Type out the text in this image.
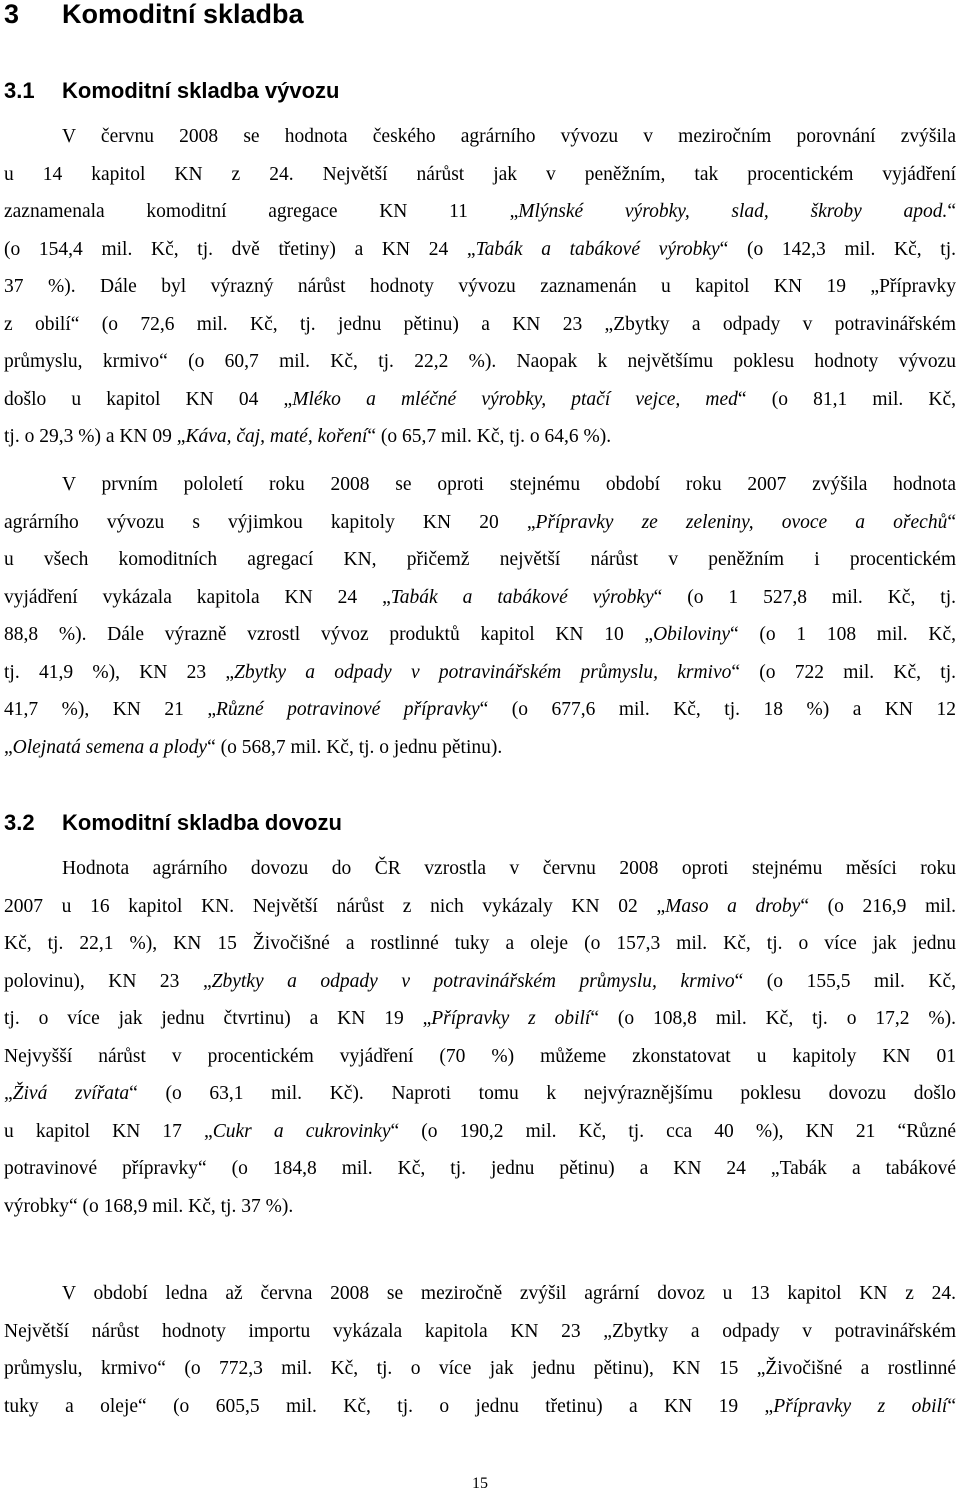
3 Komoditní skladba
3.1 Komoditní skladba vývozu
V červnu 2008 se hodnota českého agrárního vývozu v meziročním porovnání zvýšila
u 14 kapitol KN z 24. Největší nárůst jak v peněžním, tak procentickém vyjádření
zaznamenala komoditní agregace KN 11 „Mlýnské výrobky, slad, škroby apod.“
(o 154,4 mil. Kč, tj. dvě třetiny) a KN 24 „Tabák a tabákové výrobky“ (o 142,3 mil. Kč, tj.
37 %). Dále byl výrazný nárůst hodnoty vývozu zaznamenán u kapitol KN 19 „Přípravky
z obilí“ (o 72,6 mil. Kč, tj. jednu pětinu) a KN 23 „Zbytky a odpady v potravinářském
průmyslu, krmivo“ (o 60,7 mil. Kč, tj. 22,2 %). Naopak k největšímu poklesu hodnoty vývozu
došlo u kapitol KN 04 „Mléko a mléčné výrobky, ptačí vejce, med“ (o 81,1 mil. Kč,
tj. o 29,3 %) a KN 09 „Káva, čaj, maté, koření“ (o 65,7 mil. Kč, tj. o 64,6 %).
V prvním pololetí roku 2008 se oproti stejnému období roku 2007 zvýšila hodnota
agrárního vývozu s výjimkou kapitoly KN 20 „Přípravky ze zeleniny, ovoce a ořechů“
u všech komoditních agregací KN, přičemž největší nárůst v peněžním i procentickém
vyjádření vykázala kapitola KN 24 „Tabák a tabákové výrobky“ (o 1 527,8 mil. Kč, tj.
88,8 %). Dále výrazně vzrostl vývoz produktů kapitol KN 10 „Obiloviny“ (o 1 108 mil. Kč,
tj. 41,9 %), KN 23 „Zbytky a odpady v potravinářském průmyslu, krmivo“ (o 722 mil. Kč, tj.
41,7 %), KN 21 „Různé potravinové přípravky“ (o 677,6 mil. Kč, tj. 18 %) a KN 12
„Olejnatá semena a plody“ (o 568,7 mil. Kč, tj. o jednu pětinu).
3.2 Komoditní skladba dovozu
Hodnota agrárního dovozu do ČR vzrostla v červnu 2008 oproti stejnému měsíci roku
2007 u 16 kapitol KN. Největší nárůst z nich vykázaly KN 02 „Maso a droby“ (o 216,9 mil.
Kč, tj. 22,1 %), KN 15 Živočišné a rostlinné tuky a oleje (o 157,3 mil. Kč, tj. o více jak jednu
polovinu), KN 23 „Zbytky a odpady v potravinářském průmyslu, krmivo“ (o 155,5 mil. Kč,
tj. o více jak jednu čtvrtinu) a KN 19 „Přípravky z obilí“ (o 108,8 mil. Kč, tj. o 17,2 %).
Nejvyšší nárůst v procentickém vyjádření (70 %) můžeme zkonstatovat u kapitoly KN 01
„Živá zvířata“ (o 63,1 mil. Kč). Naproti tomu k nejvýraznějšímu poklesu dovozu došlo
u kapitol KN 17 „Cukr a cukrovinky“ (o 190,2 mil. Kč, tj. cca 40 %), KN 21 “Různé
potravinové přípravky“ (o 184,8 mil. Kč, tj. jednu pětinu) a KN 24 „Tabák a tabákové
výrobky“ (o 168,9 mil. Kč, tj. 37 %).
V období ledna až června 2008 se meziročně zvýšil agrární dovoz u 13 kapitol KN z 24.
Největší nárůst hodnoty importu vykázala kapitola KN 23 „Zbytky a odpady v potravinářském
průmyslu, krmivo“ (o 772,3 mil. Kč, tj. o více jak jednu pětinu), KN 15 „Živočišné a rostlinné
tuky a oleje“ (o 605,5 mil. Kč, tj. o jednu třetinu) a KN 19 „Přípravky z obilí“
15
